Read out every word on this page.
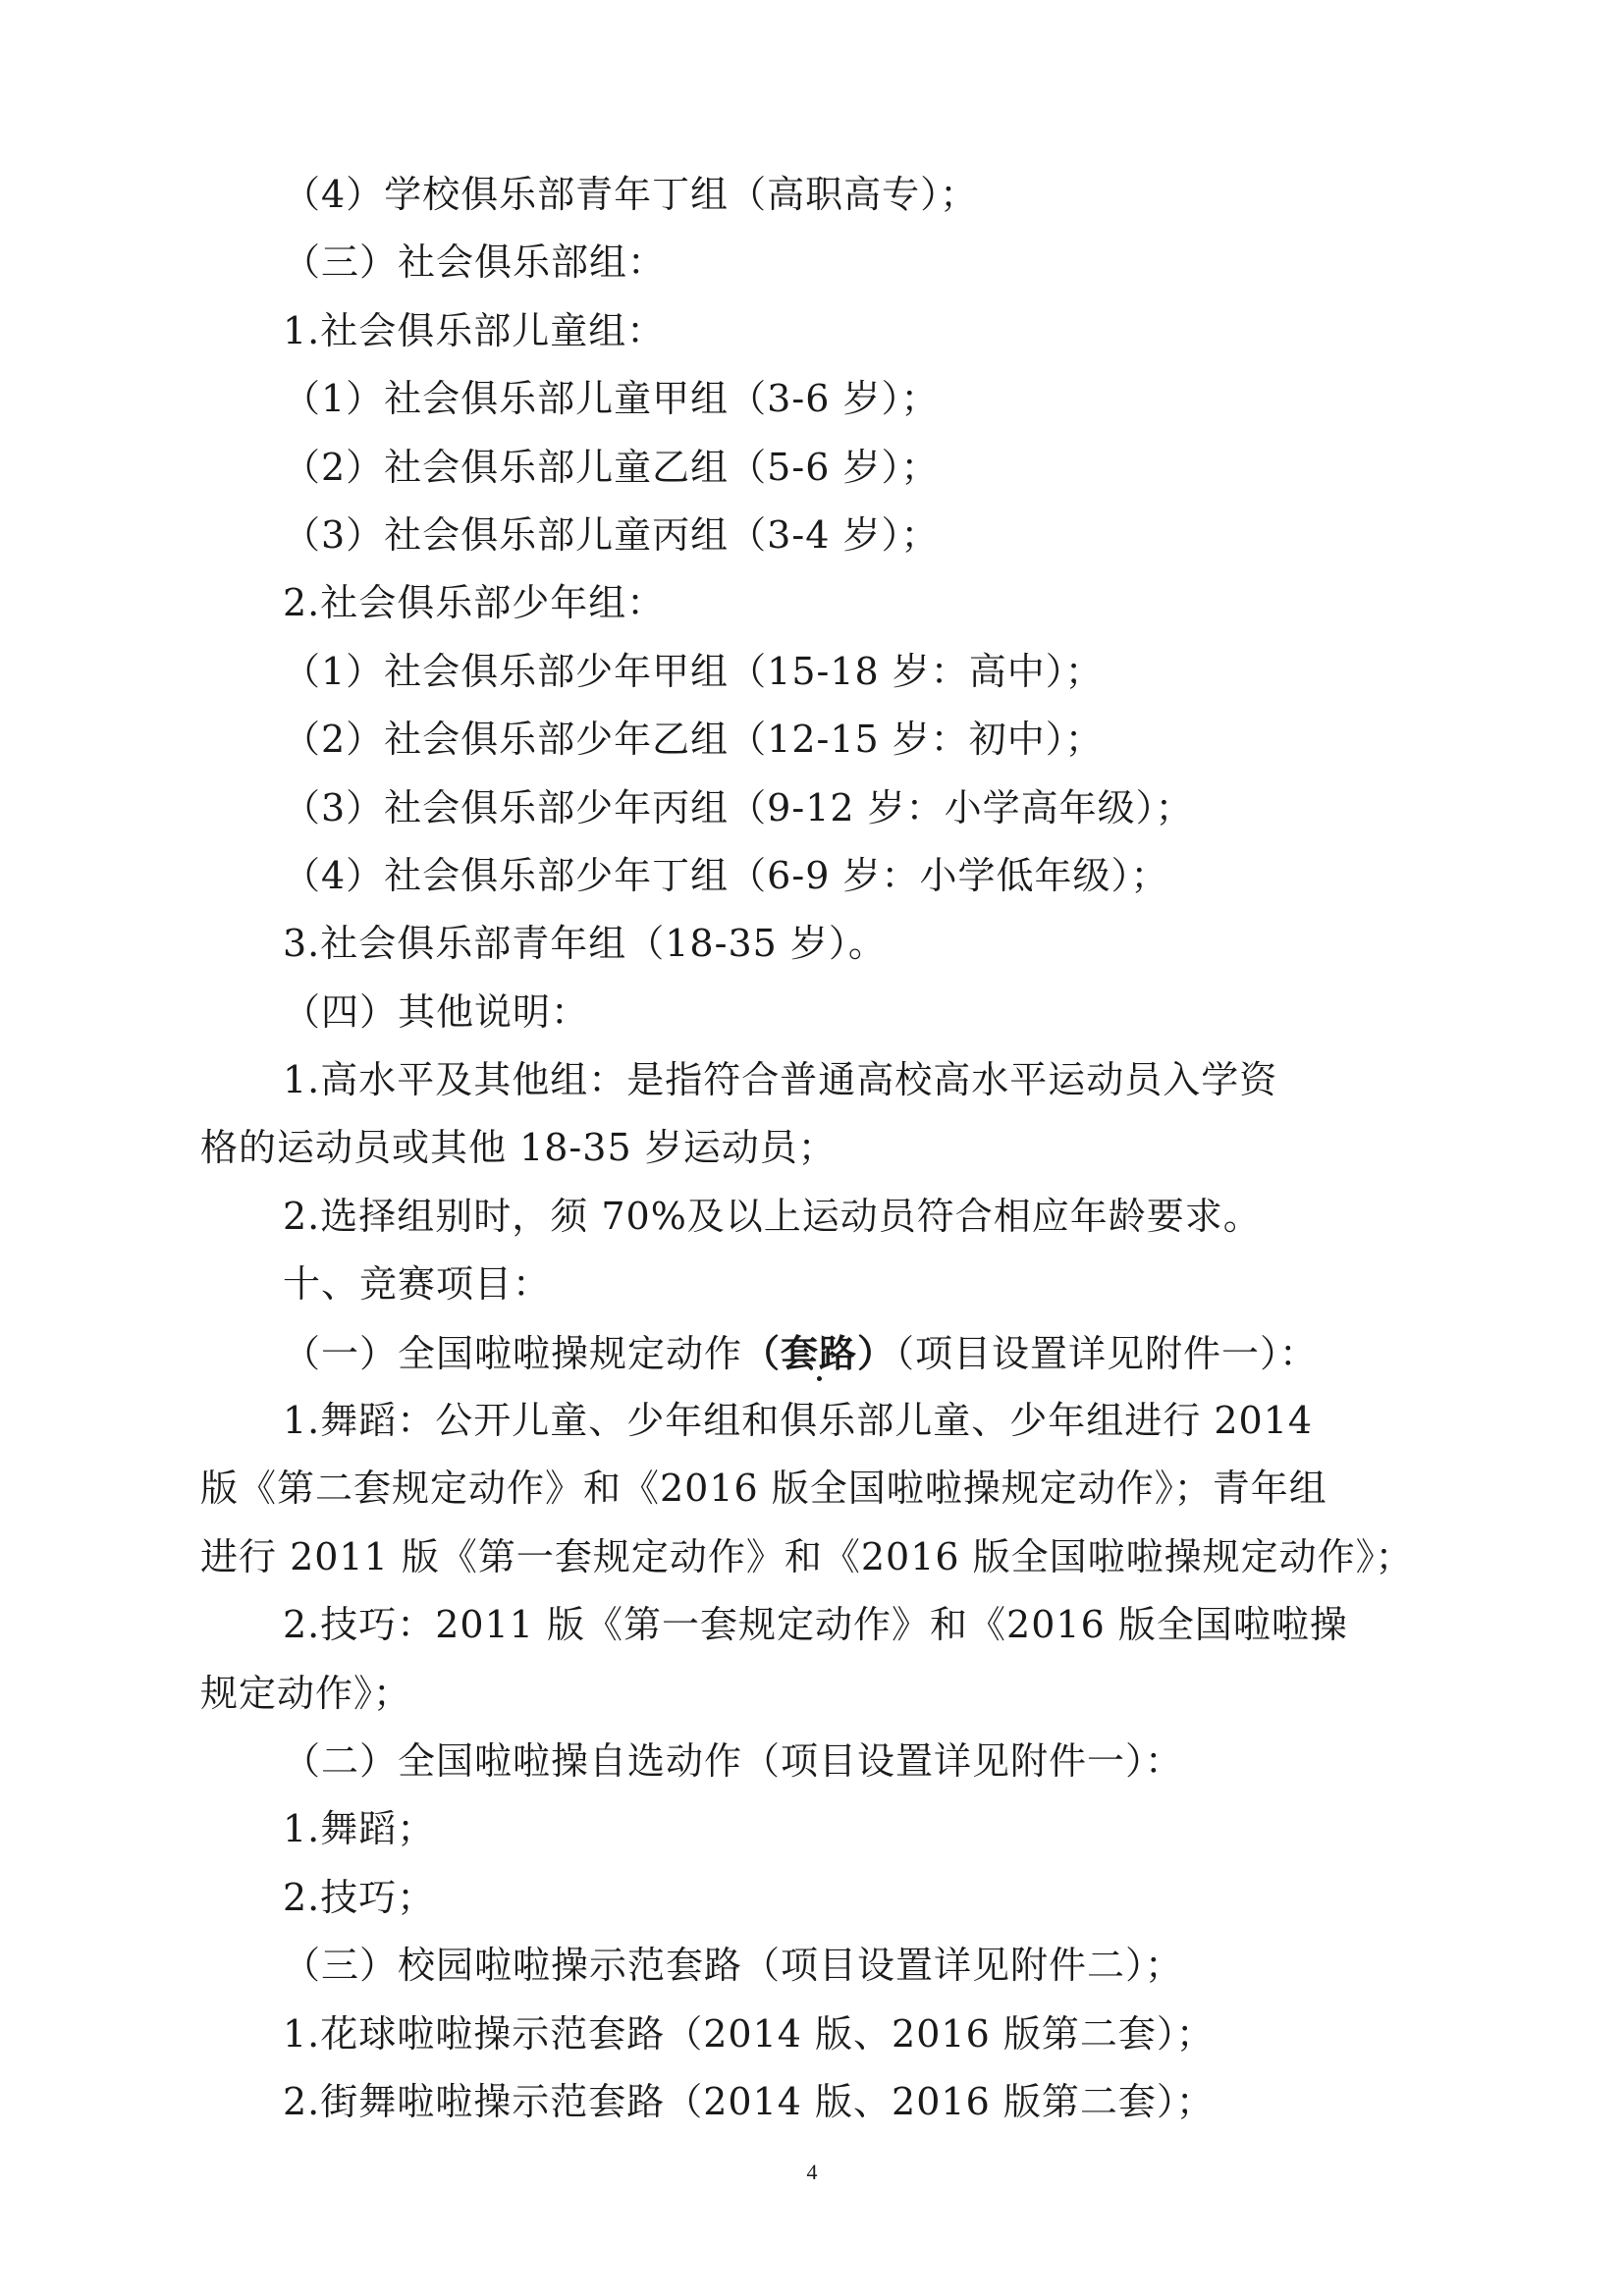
（4）学校俱乐部青年丁组（高职高专）；
（三）社会俱乐部组：
1.社会俱乐部儿童组：
（1）社会俱乐部儿童甲组（3-6 岁）；
（2）社会俱乐部儿童乙组（5-6 岁）；
（3）社会俱乐部儿童丙组（3-4 岁）；
2.社会俱乐部少年组：
（1）社会俱乐部少年甲组（15-18 岁：高中）；
（2）社会俱乐部少年乙组（12-15 岁：初中）；
（3）社会俱乐部少年丙组（9-12 岁：小学高年级）；
（4）社会俱乐部少年丁组（6-9 岁：小学低年级）；
3.社会俱乐部青年组（18-35 岁）。
（四）其他说明：
1.高水平及其他组：是指符合普通高校高水平运动员入学资
格的运动员或其他 18-35 岁运动员；
2.选择组别时，须 70%及以上运动员符合相应年龄要求。
十、竞赛项目：
（一）全国啦啦操规定动作（套路）（项目设置详见附件一）：
1.舞蹈：公开儿童、少年组和俱乐部儿童、少年组进行 2014
版《第二套规定动作》和《2016 版全国啦啦操规定动作》；青年组
进行 2011 版《第一套规定动作》和《2016 版全国啦啦操规定动作》；
2.技巧：2011 版《第一套规定动作》和《2016 版全国啦啦操
规定动作》；
（二）全国啦啦操自选动作（项目设置详见附件一）：
1.舞蹈；
2.技巧；
（三）校园啦啦操示范套路（项目设置详见附件二）；
1.花球啦啦操示范套路（2014 版、2016 版第二套）；
2.街舞啦啦操示范套路（2014 版、2016 版第二套）；
4
